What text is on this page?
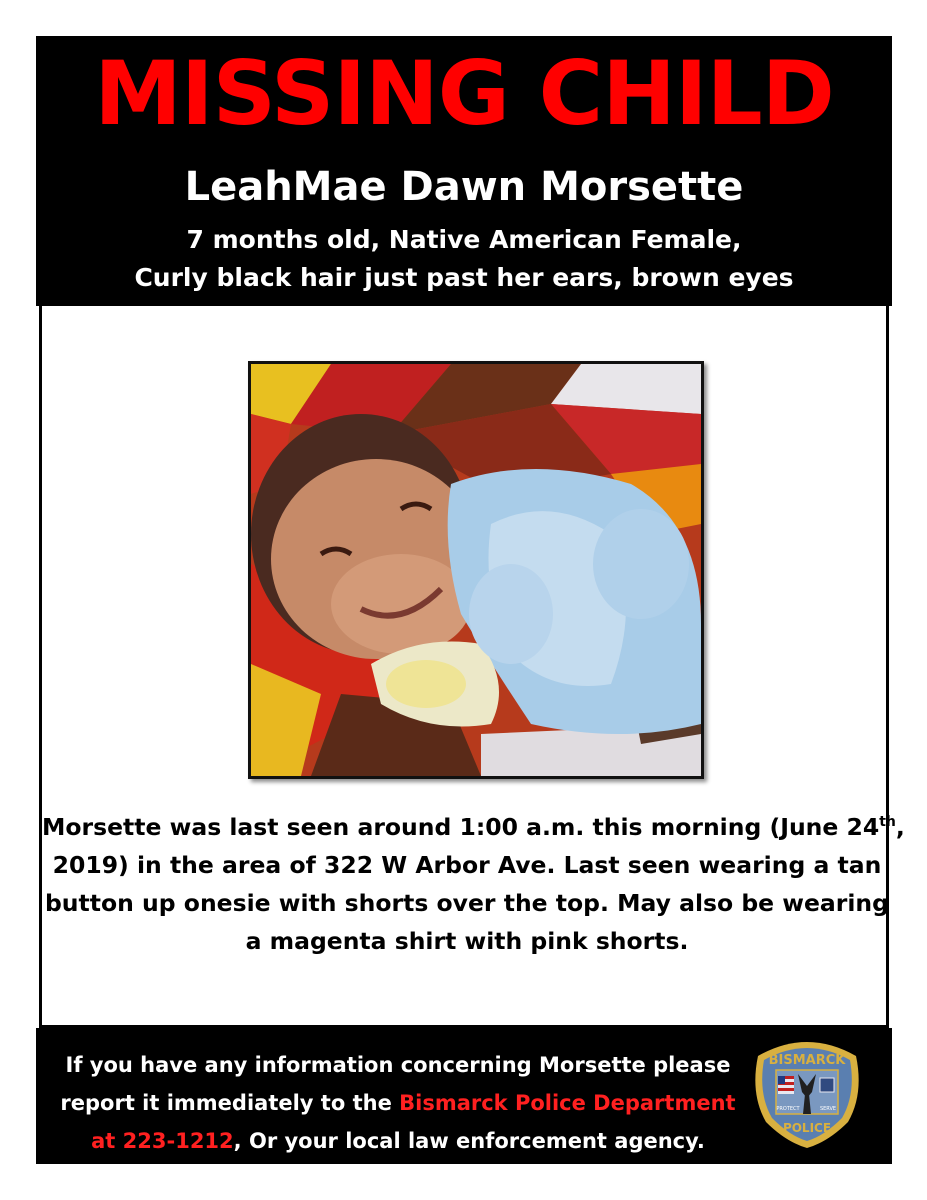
MISSING CHILD
LeahMae Dawn Morsette
7 months old, Native American Female,
Curly black hair just past her ears, brown eyes
Morsette was last seen around 1:00 a.m. this morning (June 24th,
2019) in the area of 322 W Arbor Ave. Last seen wearing a tan
button up onesie with shorts over the top. May also be wearing
a magenta shirt with pink shorts.
If you have any information concerning Morsette please
report it immediately to the Bismarck Police Department
at 223-1212, Or your local law enforcement agency.
BISMARCK
PROTECT	SERVE
POLICE
